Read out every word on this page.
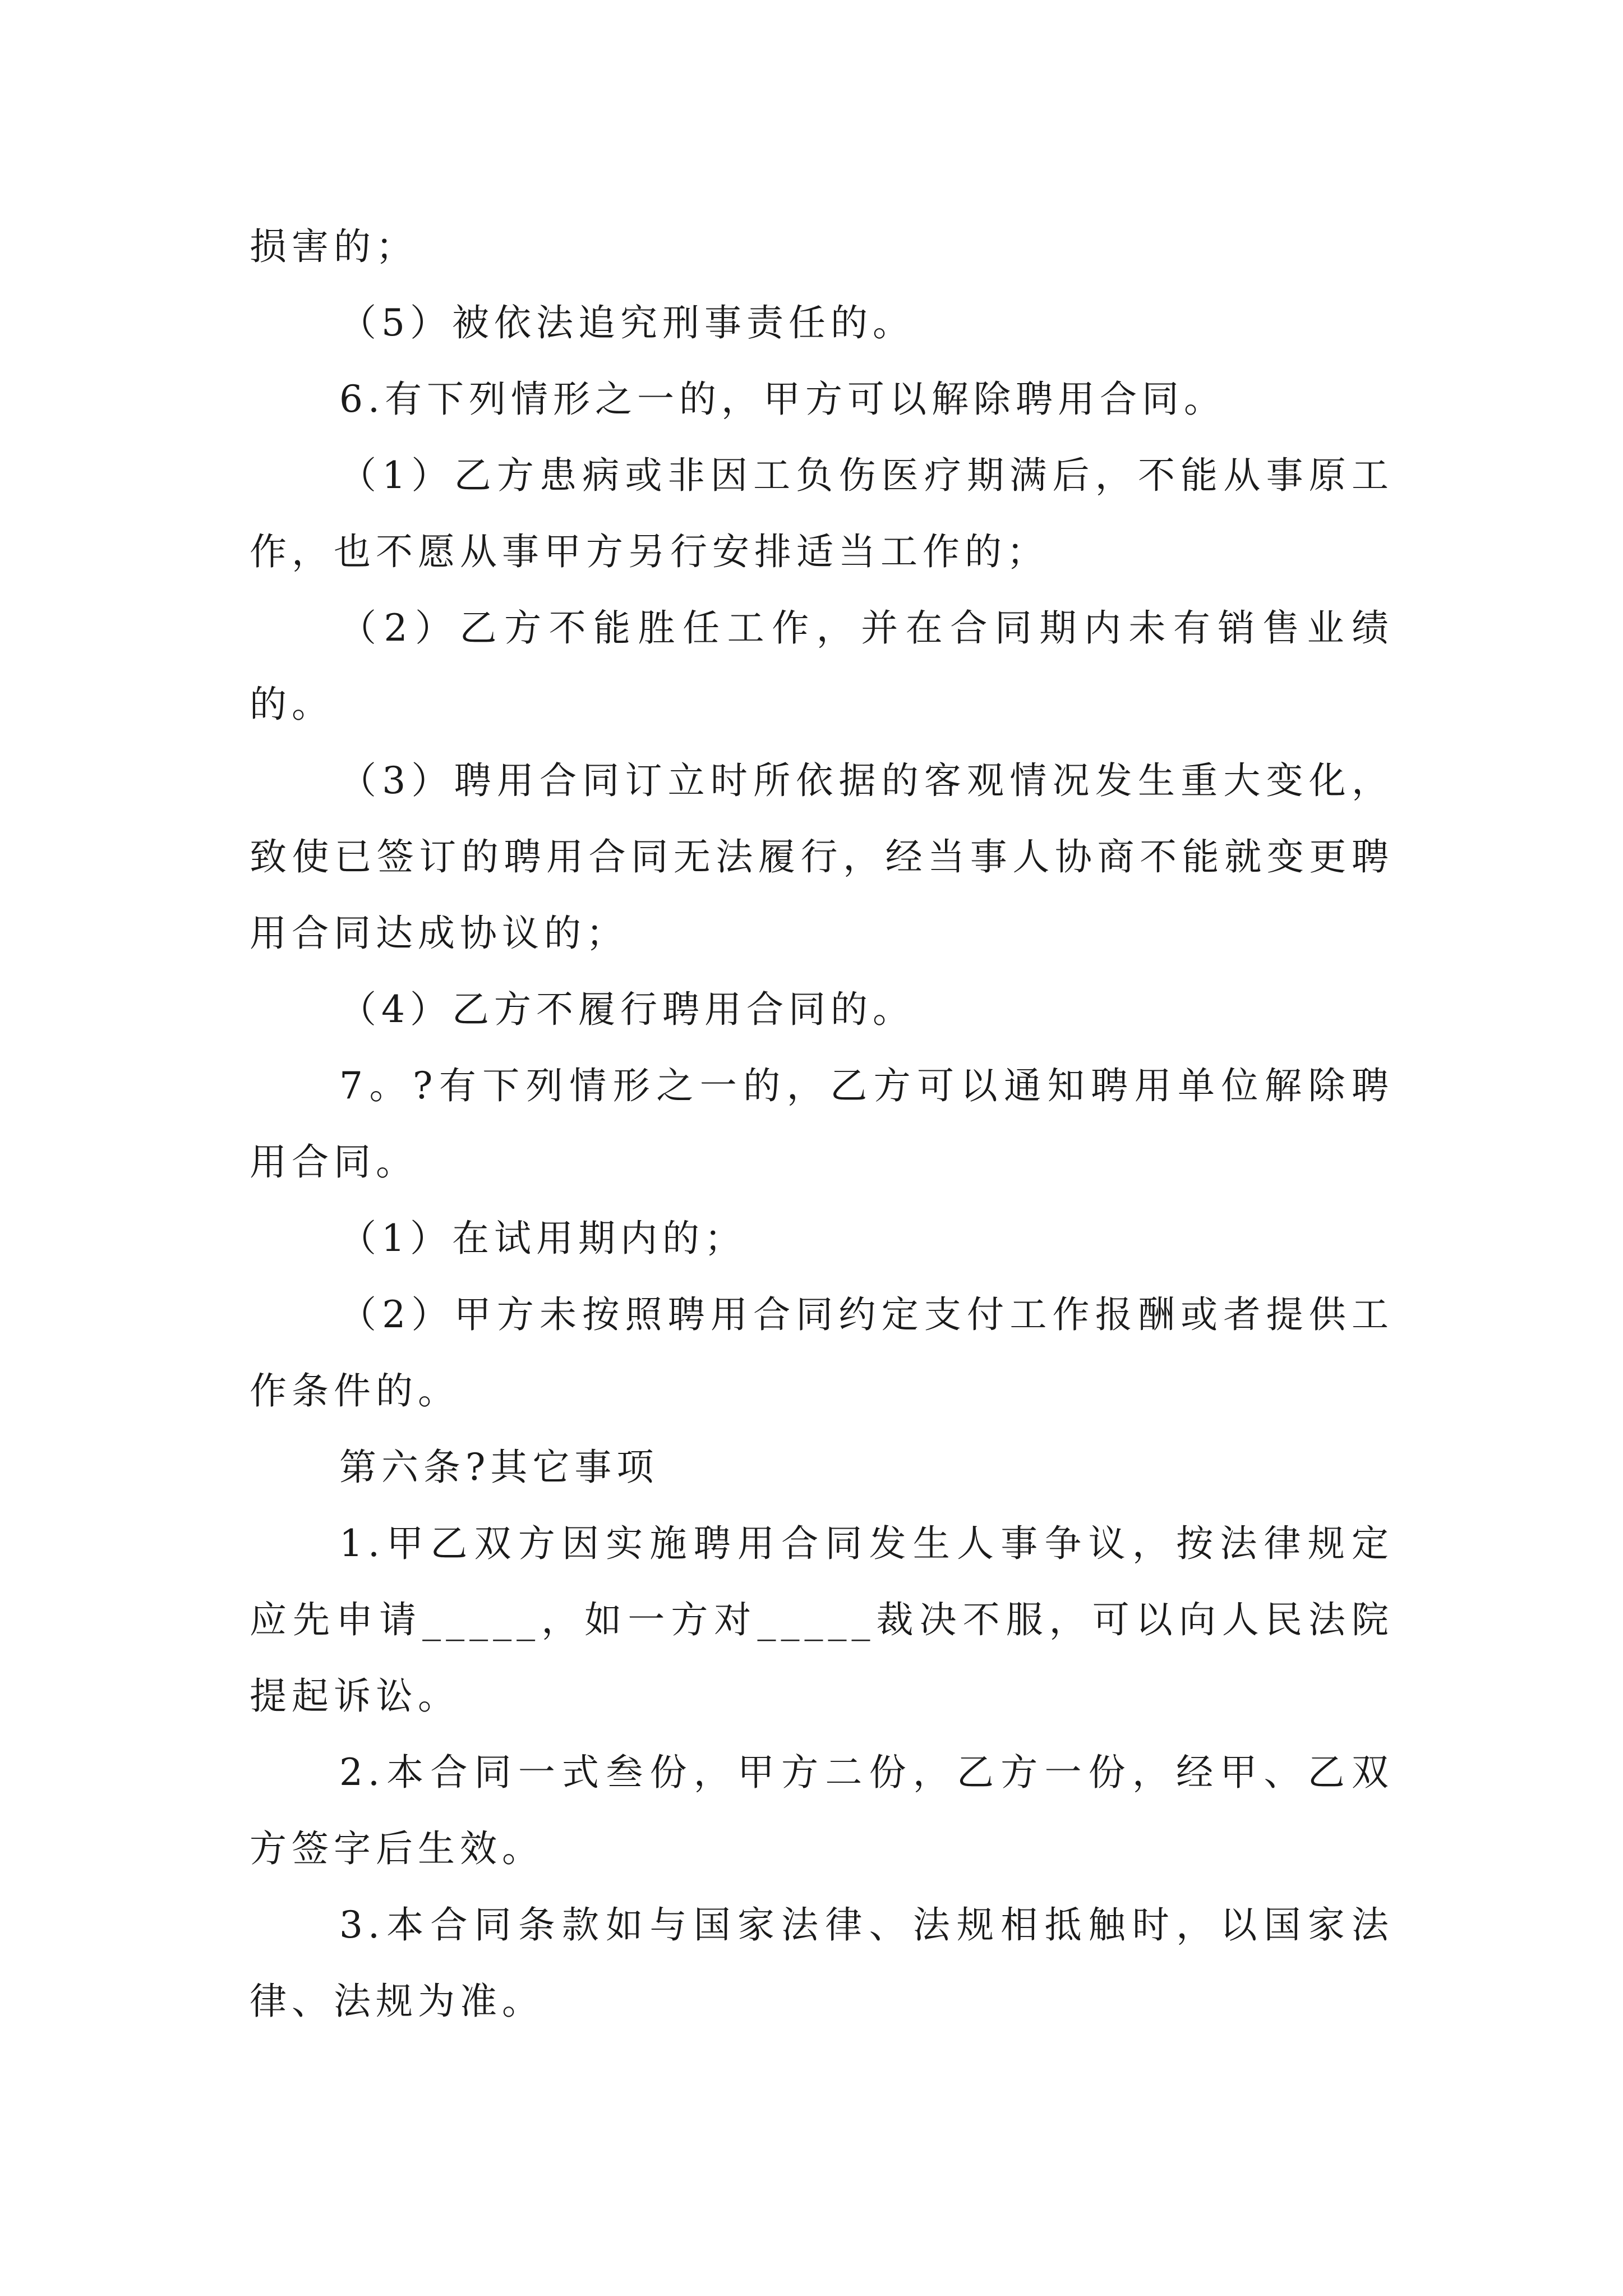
损害的；

（5）被依法追究刑事责任的。

6.有下列情形之一的，甲方可以解除聘用合同。

（1）乙方患病或非因工负伤医疗期满后，不能从事原工作，也不愿从事甲方另行安排适当工作的；

（2）乙方不能胜任工作，并在合同期内未有销售业绩的。

（3）聘用合同订立时所依据的客观情况发生重大变化，致使已签订的聘用合同无法履行，经当事人协商不能就变更聘用合同达成协议的；

（4）乙方不履行聘用合同的。

7。?有下列情形之一的，乙方可以通知聘用单位解除聘用合同。

（1）在试用期内的；

（2）甲方未按照聘用合同约定支付工作报酬或者提供工作条件的。

第六条?其它事项

1.甲乙双方因实施聘用合同发生人事争议，按法律规定应先申请_____，如一方对_____裁决不服，可以向人民法院提起诉讼。

2.本合同一式叁份，甲方二份，乙方一份，经甲、乙双方签字后生效。

3.本合同条款如与国家法律、法规相抵触时，以国家法律、法规为准。
